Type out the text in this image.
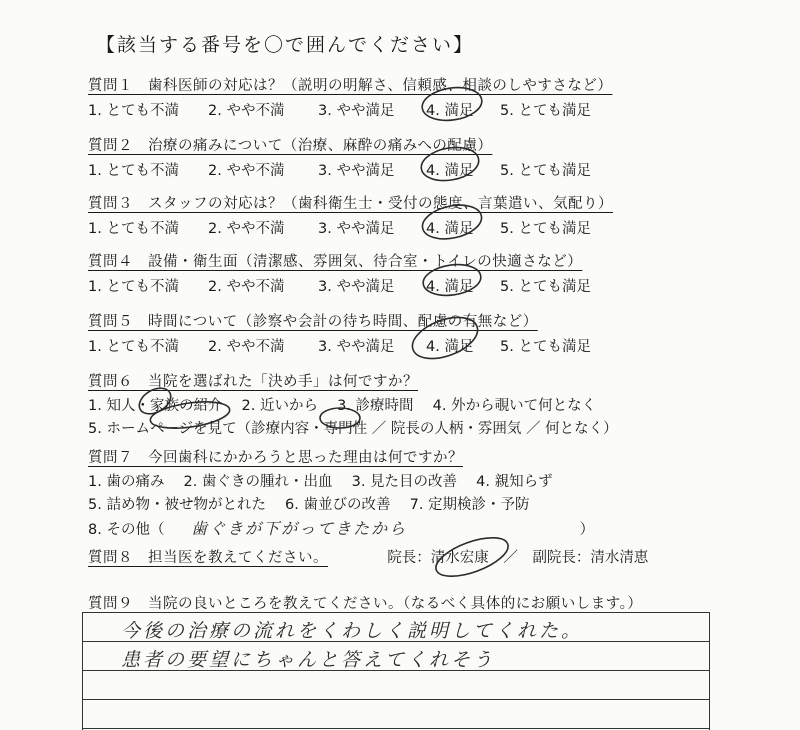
【該当する番号を〇で囲んでください】
質問１　歯科医師の対応は？（説明の明解さ、信頼感、相談のしやすさなど）
1. とても不満 2. やや不満 3. やや満足 4. 満足 5. とても満足
質問２　治療の痛みについて（治療、麻酔の痛みへの配慮）
1. とても不満 2. やや不満 3. やや満足 4. 満足 5. とても満足
質問３　スタッフの対応は？（歯科衛生士・受付の態度、言葉遣い、気配り）
1. とても不満 2. やや不満 3. やや満足 4. 満足 5. とても満足
質問４　設備・衛生面（清潔感、雰囲気、待合室・トイレの快適さなど）
1. とても不満 2. やや不満 3. やや満足 4. 満足 5. とても満足
質問５　時間について（診察や会計の待ち時間、配慮の有無など）
1. とても不満 2. やや不満 3. やや満足 4. 満足 5. とても満足
質問６　当院を選ばれた「決め手」は何ですか？
1. 知人・家族の紹介　 2. 近いから　 3. 診療時間　 4. 外から覗いて何となく
5. ホームページを見て（診療内容・専門性 ／ 院長の人柄・雰囲気 ／ 何となく）
質問７　今回歯科にかかろうと思った理由は何ですか？
1. 歯の痛み　 2. 歯ぐきの腫れ・出血　 3. 見た目の改善　 4. 親知らず
5. 詰め物・被せ物がとれた　 6. 歯並びの改善　 7. 定期検診・予防
8. その他（ 歯ぐきが下がってきたから	）
質問８　担当医を教えてください。	院長：清水宏康 ／ 副院長：清水清恵
質問９　当院の良いところを教えてください。（なるべく具体的にお願いします。）
今後の治療の流れをくわしく説明してくれた。
患者の要望にちゃんと答えてくれそう
